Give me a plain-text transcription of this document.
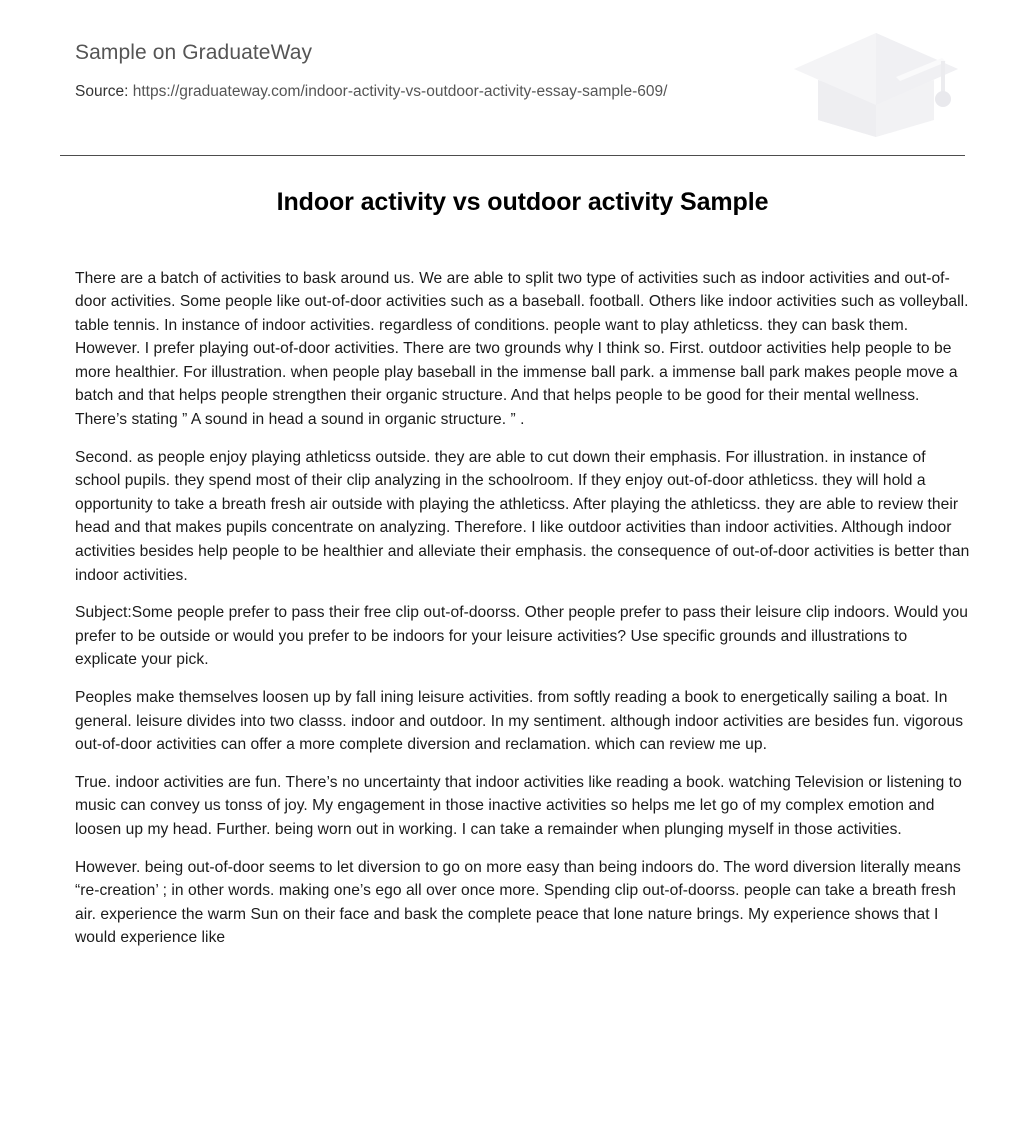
Sample on GraduateWay
Source: https://graduateway.com/indoor-activity-vs-outdoor-activity-essay-sample-609/
Indoor activity vs outdoor activity Sample

There are a batch of activities to bask around us. We are able to split two type of activities such as indoor activities and out-of-door activities. Some people like out-of-door activities such as a baseball. football. Others like indoor activities such as volleyball. table tennis. In instance of indoor activities. regardless of conditions. people want to play athleticss. they can bask them. However. I prefer playing out-of-door activities. There are two grounds why I think so. First. outdoor activities help people to be more healthier. For illustration. when people play baseball in the immense ball park. a immense ball park makes people move a batch and that helps people strengthen their organic structure. And that helps people to be good for their mental wellness. There’s stating ” A sound in head a sound in organic structure. ” .

Second. as people enjoy playing athleticss outside. they are able to cut down their emphasis. For illustration. in instance of school pupils. they spend most of their clip analyzing in the schoolroom. If they enjoy out-of-door athleticss. they will hold a opportunity to take a breath fresh air outside with playing the athleticss. After playing the athleticss. they are able to review their head and that makes pupils concentrate on analyzing. Therefore. I like outdoor activities than indoor activities. Although indoor activities besides help people to be healthier and alleviate their emphasis. the consequence of out-of-door activities is better than indoor activities.

Subject:Some people prefer to pass their free clip out-of-doorss. Other people prefer to pass their leisure clip indoors. Would you prefer to be outside or would you prefer to be indoors for your leisure activities? Use specific grounds and illustrations to explicate your pick.

Peoples make themselves loosen up by fall ining leisure activities. from softly reading a book to energetically sailing a boat. In general. leisure divides into two classs. indoor and outdoor. In my sentiment. although indoor activities are besides fun. vigorous out-of-door activities can offer a more complete diversion and reclamation. which can review me up.

True. indoor activities are fun. There’s no uncertainty that indoor activities like reading a book. watching Television or listening to music can convey us tonss of joy. My engagement in those inactive activities so helps me let go of my complex emotion and loosen up my head. Further. being worn out in working. I can take a remainder when plunging myself in those activities.

However. being out-of-door seems to let diversion to go on more easy than being indoors do. The word diversion literally means “re-creation’ ; in other words. making one’s ego all over once more. Spending clip out-of-doorss. people can take a breath fresh air. experience the warm Sun on their face and bask the complete peace that lone nature brings. My experience shows that I would experience like
